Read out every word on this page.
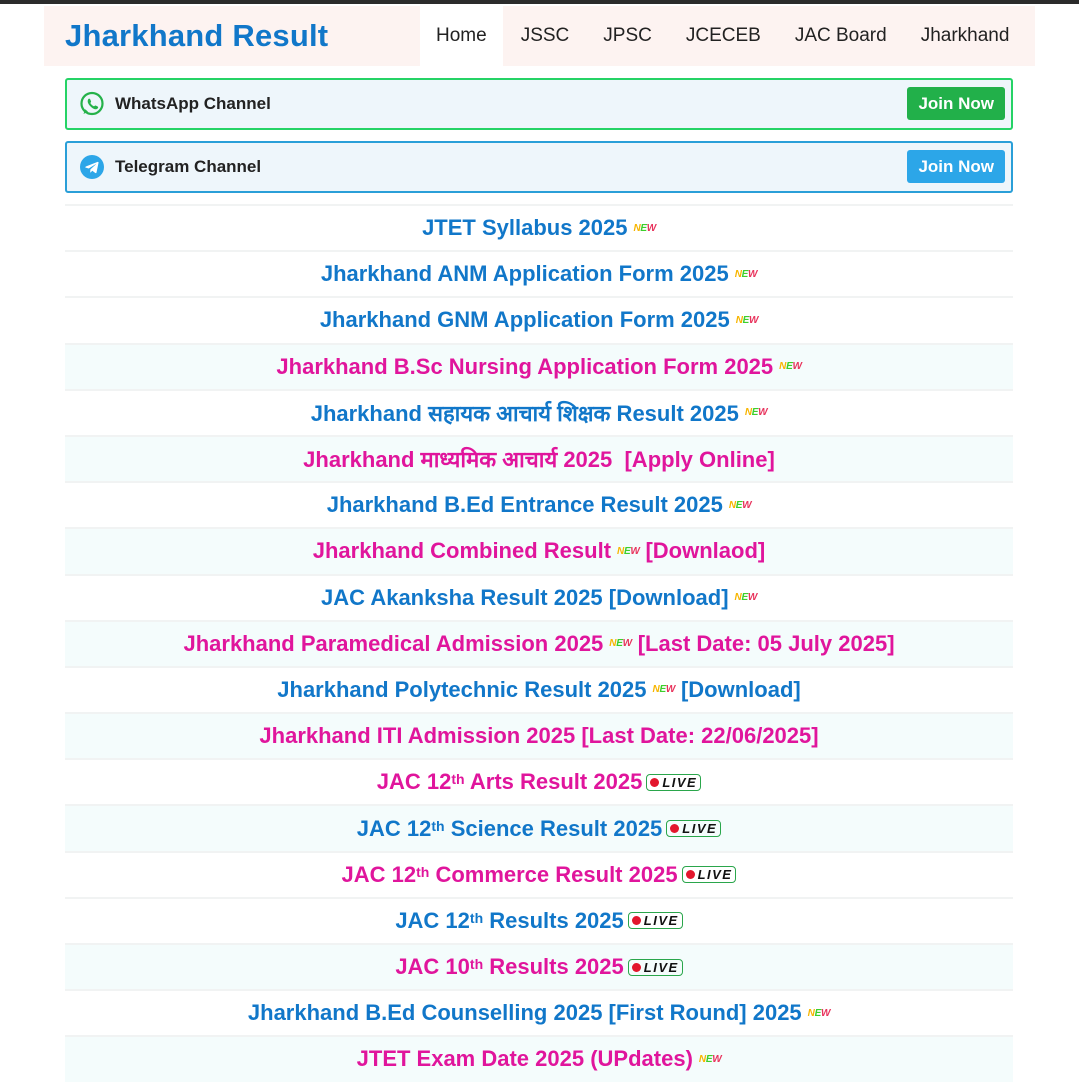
Jharkhand Result	Home	JSSC	JPSC	JCECEB	JAC Board	Jharkhand
WhatsApp Channel	Join Now
Telegram Channel	Join Now
JTET Syllabus 2025 NEW
Jharkhand ANM Application Form 2025 NEW
Jharkhand GNM Application Form 2025 NEW
Jharkhand B.Sc Nursing Application Form 2025 NEW
Jharkhand सहायक आचार्य शिक्षक Result 2025 NEW
Jharkhand माध्यमिक आचार्य 2025  [Apply Online]
Jharkhand B.Ed Entrance Result 2025 NEW
Jharkhand Combined Result NEW [Downlaod]
JAC Akanksha Result 2025 [Download] NEW
Jharkhand Paramedical Admission 2025 NEW [Last Date: 05 July 2025]
Jharkhand Polytechnic Result 2025 NEW [Download]
Jharkhand ITI Admission 2025 [Last Date: 22/06/2025]
JAC 12th Arts Result 2025	LIVE
JAC 12th Science Result 2025	LIVE
JAC 12th Commerce Result 2025	LIVE
JAC 12th Results 2025	LIVE
JAC 10th Results 2025	LIVE
Jharkhand B.Ed Counselling 2025 [First Round] 2025 NEW
JTET Exam Date 2025 (UPdates) NEW
